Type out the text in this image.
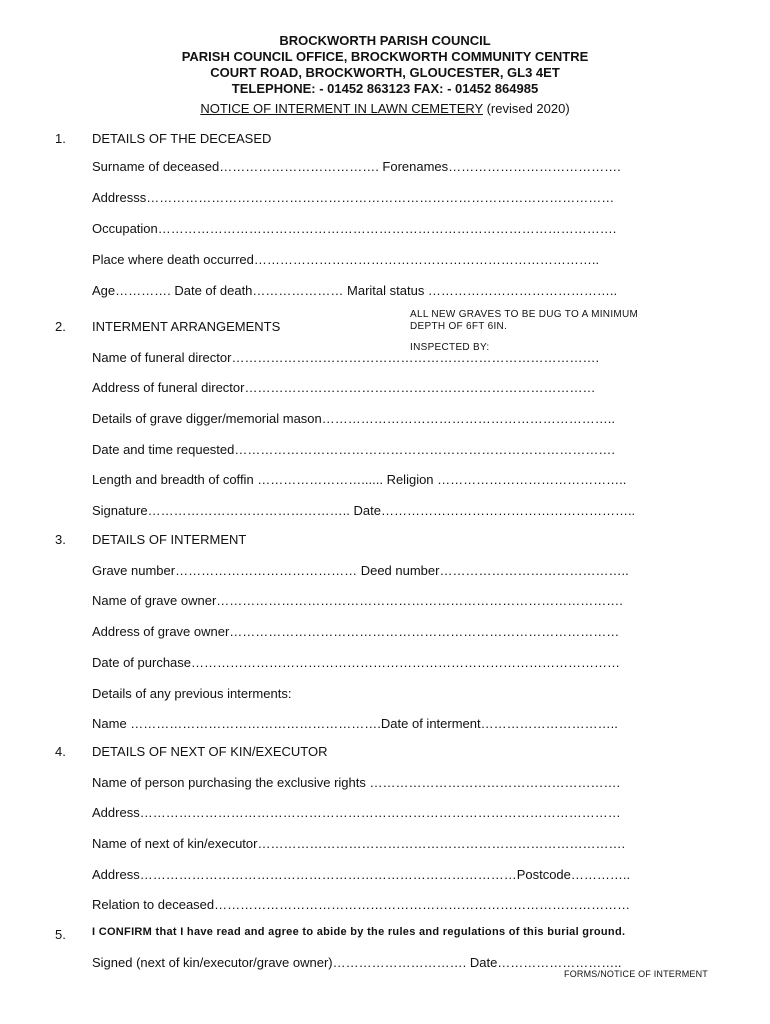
BROCKWORTH PARISH COUNCIL
PARISH COUNCIL OFFICE, BROCKWORTH COMMUNITY CENTRE
COURT ROAD, BROCKWORTH, GLOUCESTER, GL3 4ET
TELEPHONE: - 01452 863123 FAX: - 01452 864985
NOTICE OF INTERMENT IN LAWN CEMETERY (revised 2020)
1. DETAILS OF THE DECEASED
Surname of deceased………………………………. Forenames………………………………….
Addresss………………………………………………………………………………………………
Occupation…………………………………………………………………………………………….
Place where death occurred……………………………………………………………………..
Age…………. Date of death………………… Marital status ……………………………………..
ALL NEW GRAVES TO BE DUG TO A MINIMUM
DEPTH OF 6FT 6IN.
INSPECTED BY:
2. INTERMENT ARRANGEMENTS
Name of funeral director………………………………………………………………………….
Address of funeral director………………………………………………………………………
Details of grave digger/memorial mason…………………………………………………………..
Date and time requested…………………………………………………………………………….
Length and breadth of coffin ……………………...... Religion ……………………………………..
Signature……………………………………….. Date…………………………………………………..
3. DETAILS OF INTERMENT
Grave number…………………………………… Deed number……………………………………..
Name of grave owner………………………………………………………………………………….
Address of grave owner………………………………………………………………………………
Date of purchase………………………………………………………………………………………
Details of any previous interments:
Name ………………………………………………….Date of interment…………………………..
4. DETAILS OF NEXT OF KIN/EXECUTOR
Name of person purchasing the exclusive rights ………………………………………………….
Address…………………………………………………………………………………………………
Name of next of kin/executor………………………………………………………………………….
Address……………………………………………………………………………Postcode…………..
Relation to deceased……………………………………………………………………………………
5. I CONFIRM that I have read and agree to abide by the rules and regulations of this burial ground.
Signed (next of kin/executor/grave owner)…………………………. Date………………………..
FORMS/NOTICE OF INTERMENT
